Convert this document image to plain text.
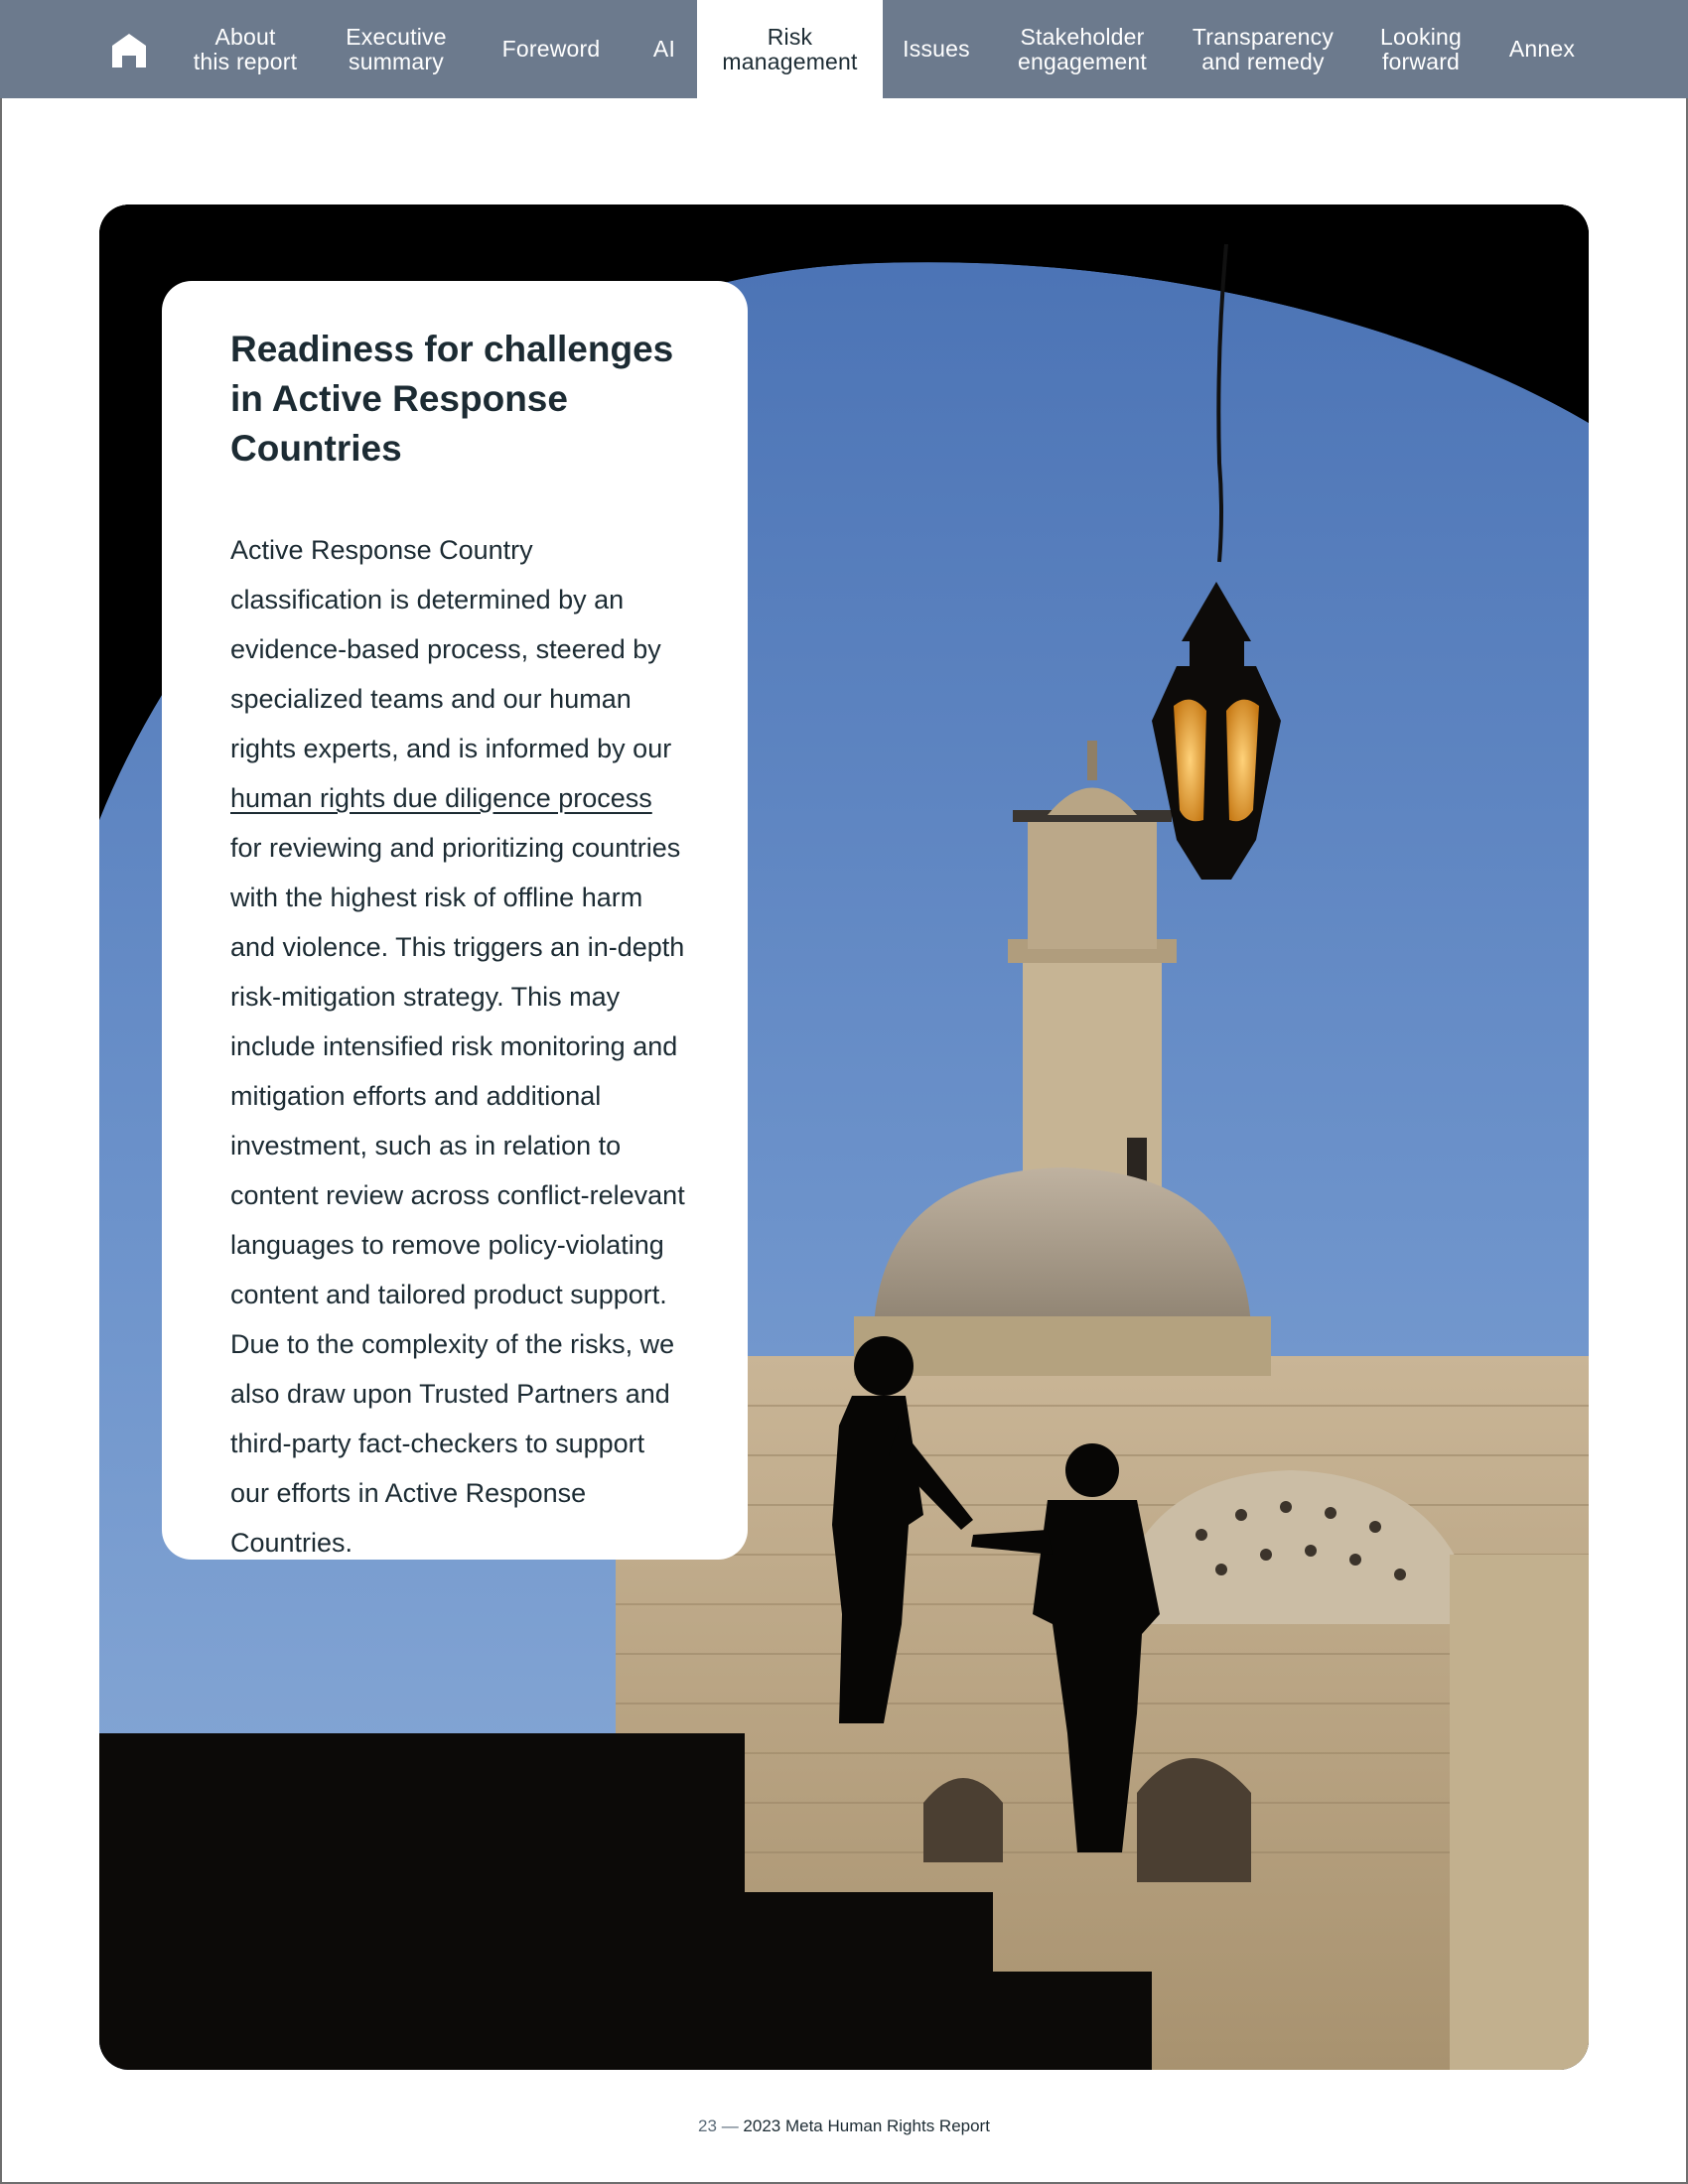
About
this report
Executive
summary	Foreword	AI	Risk
management	Issues	Stakeholder
engagement
Transparency
and remedy
Looking
forward	Annex
Readiness for challenges in Active Response Countries

Active Response Country classification is determined by an evidence-based process, steered by specialized teams and our human rights experts, and is informed by our human rights due diligence process for reviewing and prioritizing countries with the highest risk of offline harm and violence. This triggers an in-depth risk-mitigation strategy. This may include intensified risk monitoring and mitigation efforts and additional investment, such as in relation to content review across conflict-relevant languages to remove policy-violating content and tailored product support. Due to the complexity of the risks, we also draw upon Trusted Partners and third-party fact-checkers to support our efforts in Active Response Countries.

23 — 2023 Meta Human Rights Report
